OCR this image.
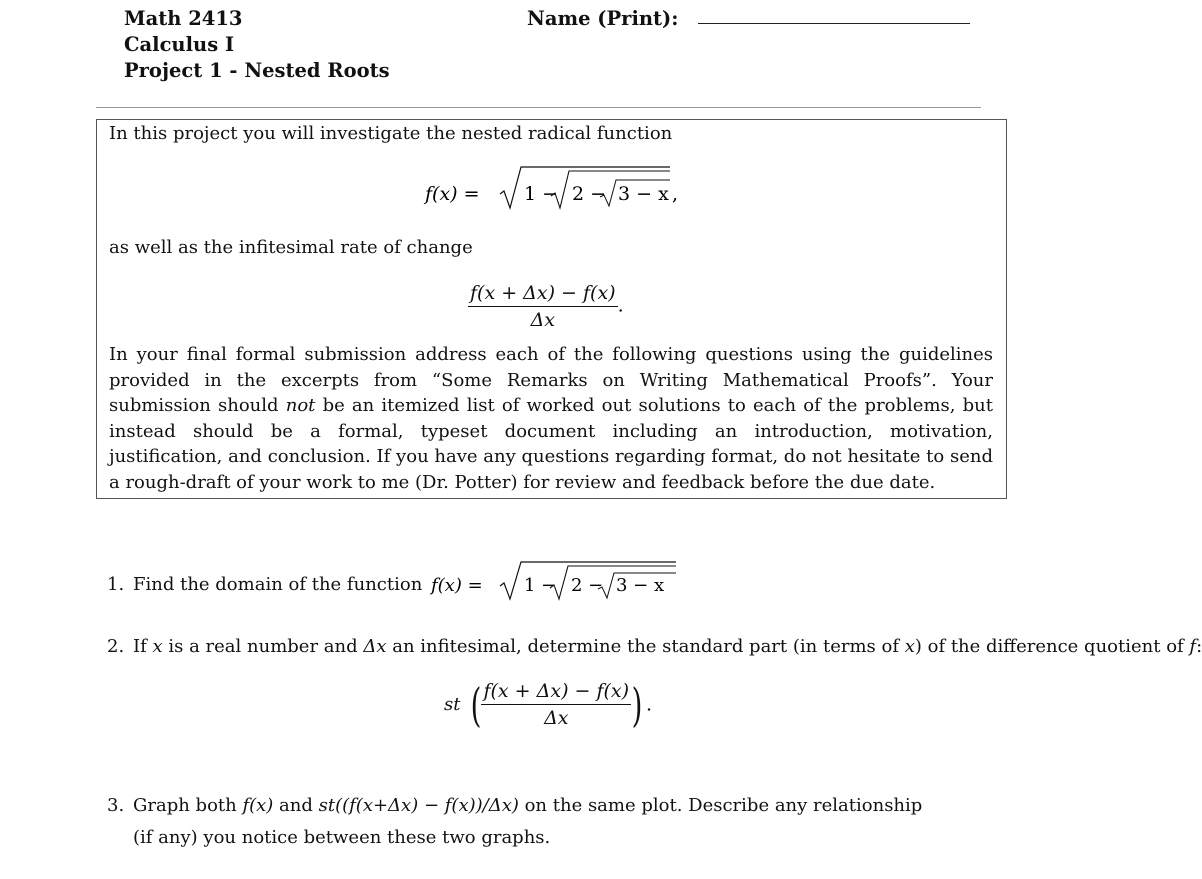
Math 2413
Calculus I
Project 1 - Nested Roots
Name (Print):
In this project you will investigate the nested radical function
f(x) = 1 − 2 − 3 − x ,
as well as the infitesimal rate of change
$\frac{f(x + \Delta x) - f(x)}{\Delta x}$ .
In your final formal submission address each of the following questions using the guidelines provided in the excerpts from “Some Remarks on Writing Mathematical Proofs”. Your submission should not be an itemized list of worked out solutions to each of the problems, but instead should be a formal, typeset document including an introduction, motivation, justification, and conclusion. If you have any questions regarding format, do not hesitate to send a rough-draft of your work to me (Dr. Potter) for review and feedback before the due date.
1. Find the domain of the function f(x) = 1 − 2 − 3 − x
2. If x is a real number and Δx an infitesimal, determine the standard part (in terms of x) of the difference quotient of f:
st ( $\frac{f(x + \Delta x) - f(x)}{\Delta x}$ ) .
3. Graph both f(x) and st((f(x+Δx) − f(x))/Δx) on the same plot. Describe any relationship
(if any) you notice between these two graphs.
